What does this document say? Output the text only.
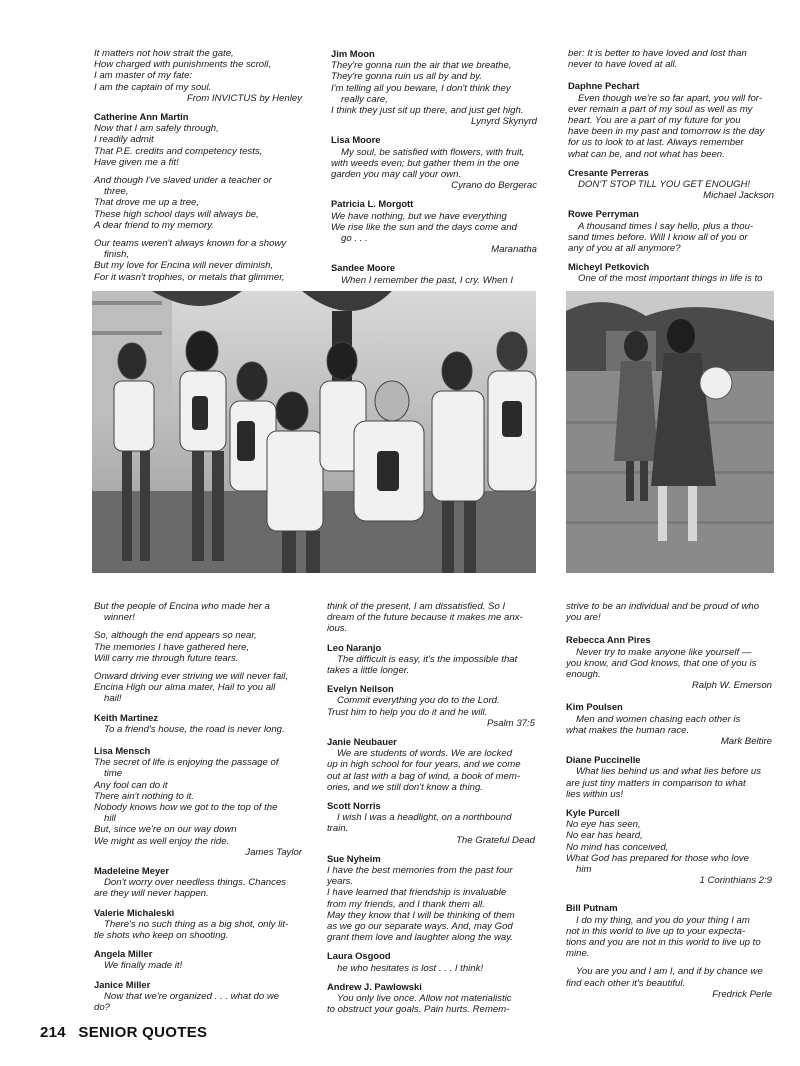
It matters not how strait the gate,
How charged with punishments the scroll,
I am master of my fate:
I am the captain of my soul.
From INVICTUS by Henley
Catherine Ann Martin
Now that I am safely through,
I readily admit
That P.E. credits and competency tests,
Have given me a fit!
And though I've slaved under a teacher or
three,
That drove me up a tree,
These high school days will always be,
A dear friend to my memory.
Our teams weren't always known for a showy
finish,
But my love for Encina will never diminish,
For it wasn't trophies, or metals that glimmer,
Jim Moon
They're gonna ruin the air that we breathe,
They're gonna ruin us all by and by.
I'm telling all you beware, I don't think they
really care,
I think they just sit up there, and just get high.
Lynyrd Skynyrd
Lisa Moore
My soul, be satisfied with flowers, with fruit,
with weeds even; but gather them in the one
garden you may call your own.
Cyrano do Bergerac
Patricia L. Morgott
We have nothing, but we have everything
We rise like the sun and the days come and
go . . .
Maranatha
Sandee Moore
When I remember the past, I cry. When I
ber: It is better to have loved and lost than
never to have loved at all.
Daphne Pechart
Even though we're so far apart, you will for-
ever remain a part of my soul as well as my
heart. You are a part of my future for you
have been in my past and tomorrow is the day
for us to look to at last. Always remember
what can be, and not what has been.
Cresante Perreras
DON'T STOP TILL YOU GET ENOUGH!
Michael Jackson
Rowe Perryman
A thousand times I say hello, plus a thou-
sand times before. Will I know all of you or
any of you at all anymore?
Micheyl Petkovich
One of the most important things in life is to
But the people of Encina who made her a
winner!
So, although the end appears so near,
The memories I have gathered here,
Will carry me through future tears.
Onward driving ever striving we will never fail,
Encina High our alma mater, Hail to you all
hail!
Keith Martinez
To a friend's house, the road is never long.
Lisa Mensch
The secret of life is enjoying the passage of
time
Any fool can do it
There ain't nothing to it.
Nobody knows how we got to the top of the
hill
But, since we're on our way down
We might as well enjoy the ride.
James Taylor
Madeleine Meyer
Don't worry over needless things. Chances
are they will never happen.
Valerie Michaleski
There's no such thing as a big shot, only lit-
tle shots who keep on shooting.
Angela Miller
We finally made it!
Janice Miller
Now that we're organized . . . what do we
do?
think of the present, I am dissatisfied. So I
dream of the future because it makes me anx-
ious.
Leo Naranjo
The difficult is easy, it's the impossible that
takes a little longer.
Evelyn Neilson
Commit everything you do to the Lord.
Trust him to help you do it and he will.
Psalm 37:5
Janie Neubauer
We are students of words. We are locked
up in high school for four years, and we come
out at last with a bag of wind, a book of mem-
ories, and we still don't know a thing.
Scott Norris
I wish I was a headlight, on a northbound
train.
The Grateful Dead
Sue Nyheim
I have the best memories from the past four
years.
I have learned that friendship is invaluable
from my friends, and I thank them all.
May they know that I will be thinking of them
as we go our separate ways. And, may God
grant them love and laughter along the way.
Laura Osgood
he who hesitates is lost . . . I think!
Andrew J. Pawlowski
You only live once. Allow not materialistic
to obstruct your goals. Pain hurts. Remem-
strive to be an individual and be proud of who
you are!
Rebecca Ann Pires
Never try to make anyone like yourself —
you know, and God knows, that one of you is
enough.
Ralph W. Emerson
Kim Poulsen
Men and women chasing each other is
what makes the human race.
Mark Beltire
Diane Puccinelle
What lies behind us and what lies before us
are just tiny matters in comparison to what
lies within us!
Kyle Purcell
No eye has seen,
No ear has heard,
No mind has conceived,
What God has prepared for those who love
him
1 Corinthians 2:9
Bill Putnam
I do my thing, and you do your thing I am
not in this world to live up to your expecta-
tions and you are not in this world to live up to
mine.
You are you and I am I, and if by chance we
find each other it's beautiful.
Fredrick Perle
214 SENIOR QUOTES
